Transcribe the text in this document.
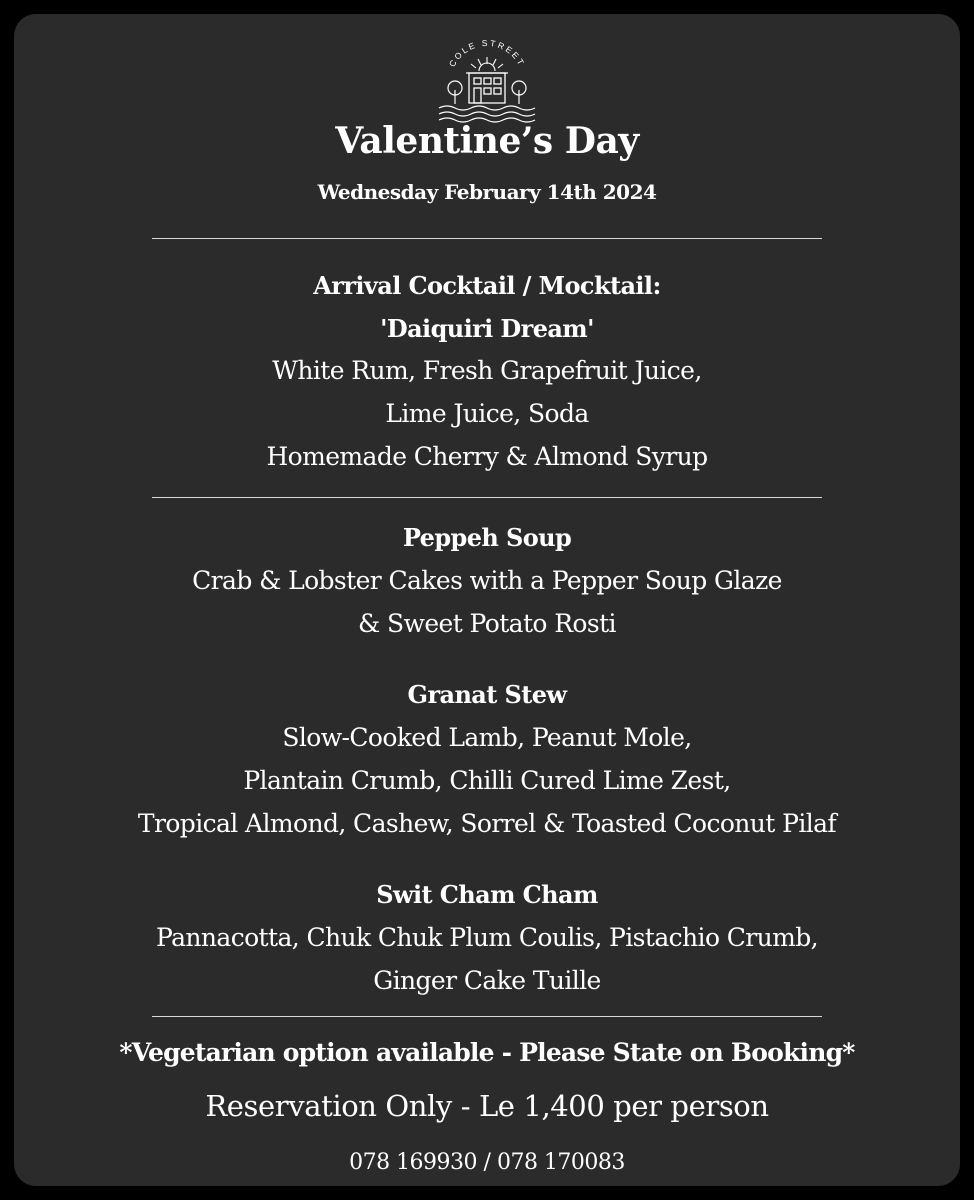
COLE STREET
Valentine’s Day
Wednesday February 14th 2024
Arrival Cocktail / Mocktail:
'Daiquiri Dream'
White Rum, Fresh Grapefruit Juice,
Lime Juice, Soda
Homemade Cherry & Almond Syrup
Peppeh Soup
Crab & Lobster Cakes with a Pepper Soup Glaze
& Sweet Potato Rosti
Granat Stew
Slow-Cooked Lamb, Peanut Mole,
Plantain Crumb, Chilli Cured Lime Zest,
Tropical Almond, Cashew, Sorrel & Toasted Coconut Pilaf
Swit Cham Cham
Pannacotta, Chuk Chuk Plum Coulis, Pistachio Crumb,
Ginger Cake Tuille
*Vegetarian option available - Please State on Booking*
Reservation Only - Le 1,400 per person
078 169930 / 078 170083
